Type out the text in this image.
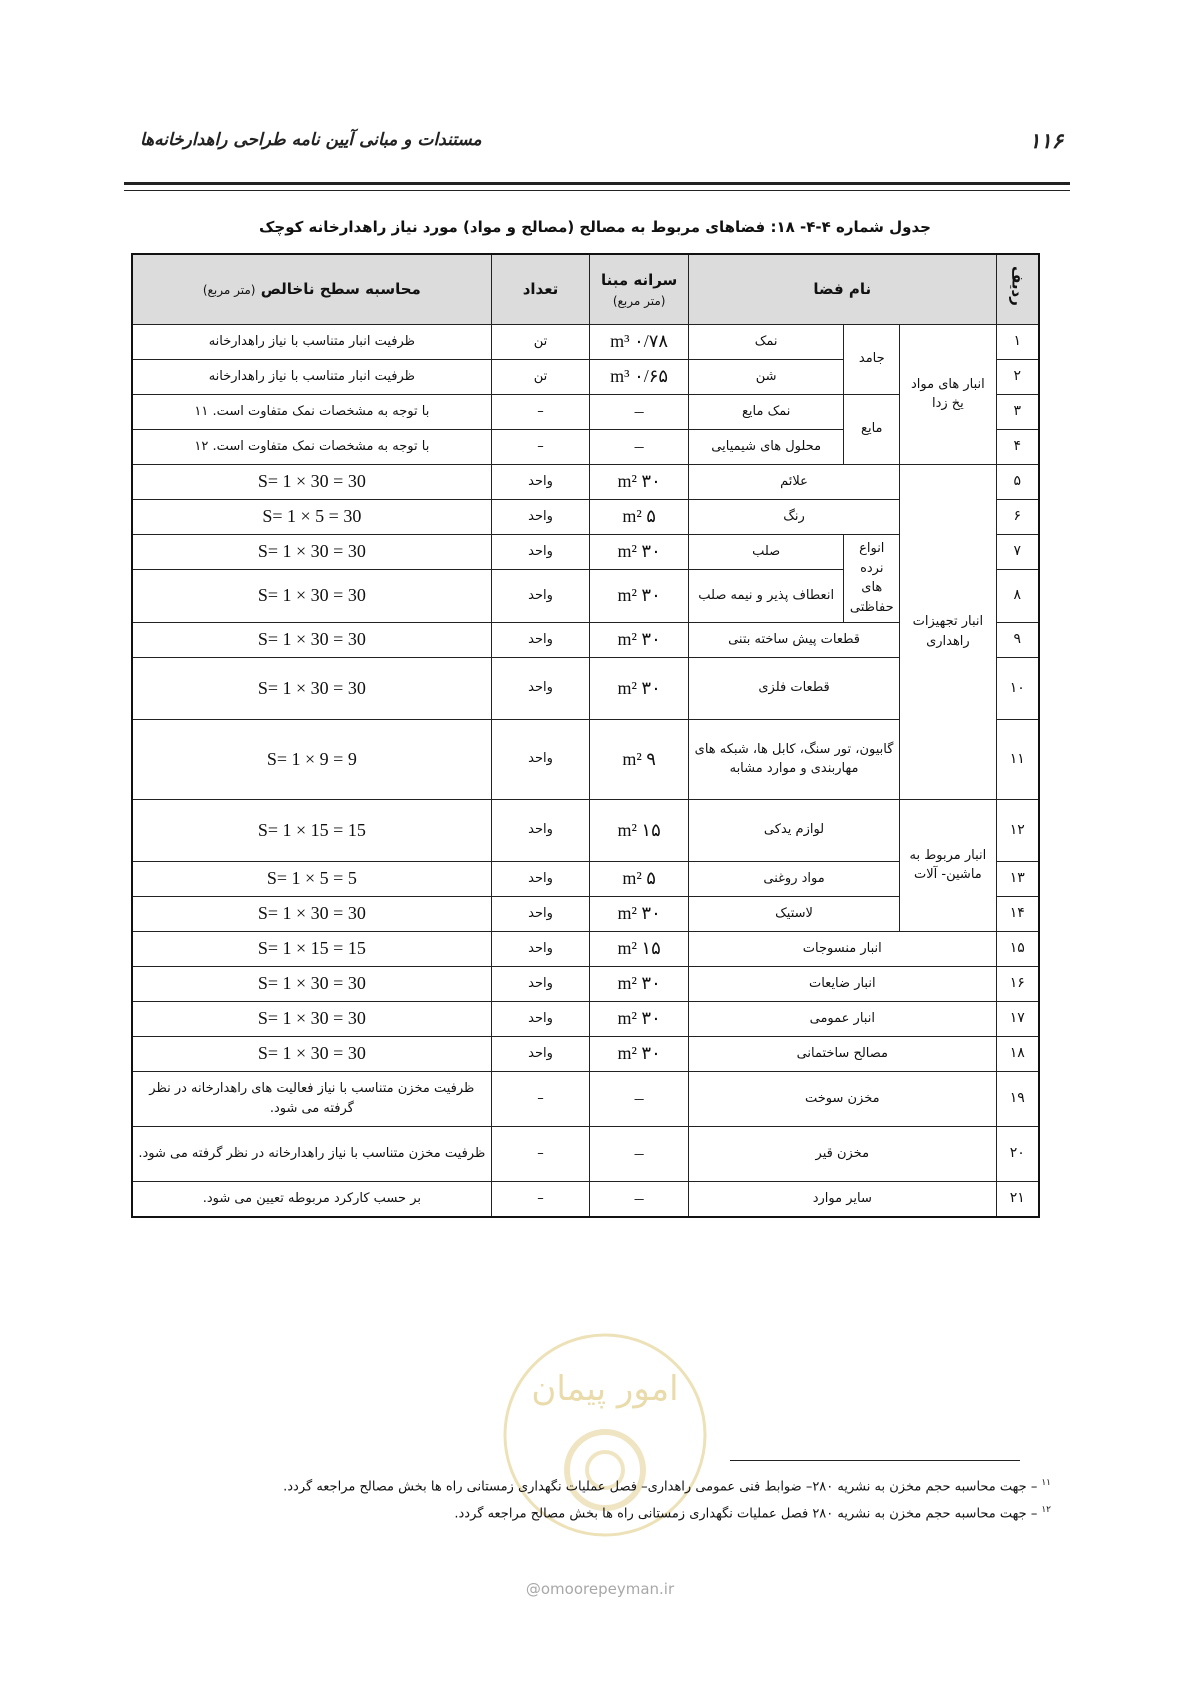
مستندات و مبانی آیین نامه طراحی راهدارخانه‌ها	۱۱۶
جدول شماره ۴-۴- ۱۸: فضاهای مربوط به مصالح (مصالح و مواد) مورد نیاز راهدارخانه کوچک
ردیف	نام فضا			سرانه مبنا
(متر مربع)	تعداد	محاسبه سطح ناخالص (متر مربع)
۱	انبار های مواد یخ زدا	جامد	نمک	۰/۷۸ m³	تن	ظرفیت انبار متناسب با نیاز راهدارخانه
۲			شن	۰/۶۵ m³	تن	ظرفیت انبار متناسب با نیاز راهدارخانه
۳		مایع	نمک مایع	–	–	با توجه به مشخصات نمک متفاوت است. ۱۱
۴			محلول های شیمیایی	–	–	با توجه به مشخصات نمک متفاوت است. ۱۲
۵	انبار تجهیزات راهداری	علائم		۳۰ m²	واحد	S= 1 × 30 = 30
۶		رنگ		۵ m²	واحد	S= 1 × 5 = 30
۷		انواع نرده های حفاظتی	صلب	۳۰ m²	واحد	S= 1 × 30 = 30
۸			انعطاف پذیر و نیمه صلب	۳۰ m²	واحد	S= 1 × 30 = 30
۹		قطعات پیش ساخته بتنی		۳۰ m²	واحد	S= 1 × 30 = 30
۱۰		قطعات فلزی		۳۰ m²	واحد	S= 1 × 30 = 30
۱۱		گابیون، تور سنگ، کابل ها، شبکه های مهاربندی و موارد مشابه		۹ m²	واحد	S= 1 × 9 = 9
۱۲	انبار مربوط به ماشین- آلات	لوازم یدکی		۱۵ m²	واحد	S= 1 × 15 = 15
۱۳		مواد روغنی		۵ m²	واحد	S= 1 × 5 = 5
۱۴		لاستیک		۳۰ m²	واحد	S= 1 × 30 = 30
۱۵	انبار منسوجات			۱۵ m²	واحد	S= 1 × 15 = 15
۱۶	انبار ضایعات			۳۰ m²	واحد	S= 1 × 30 = 30
۱۷	انبار عمومی			۳۰ m²	واحد	S= 1 × 30 = 30
۱۸	مصالح ساختمانی			۳۰ m²	واحد	S= 1 × 30 = 30
۱۹	مخزن سوخت			–	–	ظرفیت مخزن متناسب با نیاز فعالیت های راهدارخانه در نظر گرفته می شود.
۲۰	مخزن قیر			–	–	ظرفیت مخزن متناسب با نیاز راهدارخانه در نظر گرفته می شود.
۲۱	سایر موارد			–	–	بر حسب کارکرد مربوطه تعیین می شود.
امور پیمان
$^{۱۱}$– جهت محاسبه حجم مخزن به نشریه ۲۸۰– ضوابط فنی عمومی راهداری– فصل عملیات نگهداری زمستانی راه ها بخش مصالح مراجعه گردد.
$^{۱۲}$– جهت محاسبه حجم مخزن به نشریه ۲۸۰ فصل عملیات نگهداری زمستانی راه ها بخش مصالح مراجعه گردد.
@omoorepeyman.ir
